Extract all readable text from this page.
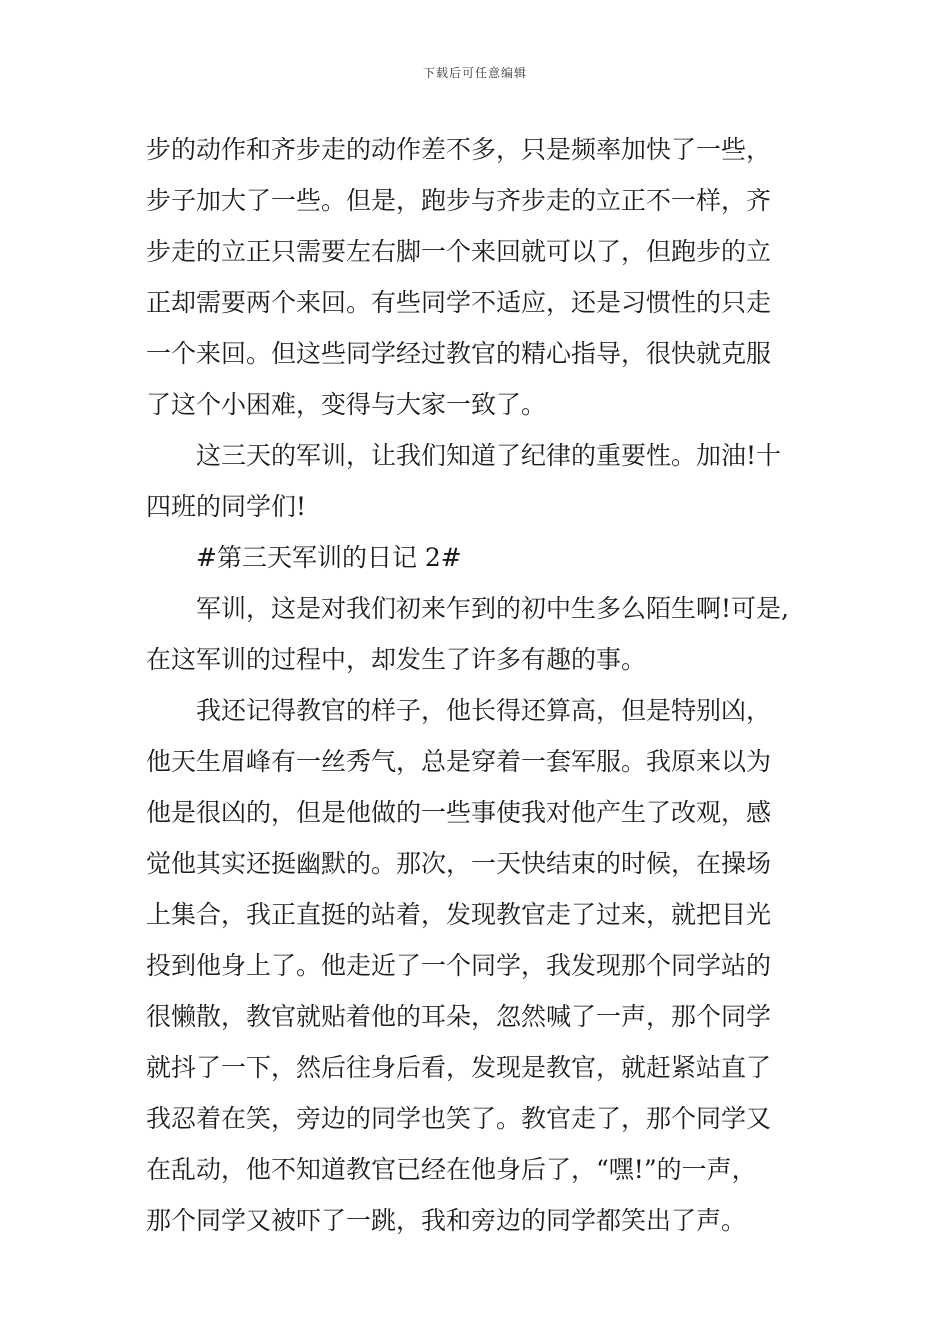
下载后可任意编辑
步的动作和齐步走的动作差不多，只是频率加快了一些，
步子加大了一些。但是，跑步与齐步走的立正不一样，齐
步走的立正只需要左右脚一个来回就可以了，但跑步的立
正却需要两个来回。有些同学不适应，还是习惯性的只走
一个来回。但这些同学经过教官的精心指导，很快就克服
了这个小困难，变得与大家一致了。
这三天的军训，让我们知道了纪律的重要性。加油!十
四班的同学们!
#第三天军训的日记 2#
军训，这是对我们初来乍到的初中生多么陌生啊!可是,
在这军训的过程中，却发生了许多有趣的事。
我还记得教官的样子，他长得还算高，但是特别凶，
他天生眉峰有一丝秀气，总是穿着一套军服。我原来以为
他是很凶的，但是他做的一些事使我对他产生了改观，感
觉他其实还挺幽默的。那次，一天快结束的时候，在操场
上集合，我正直挺的站着，发现教官走了过来，就把目光
投到他身上了。他走近了一个同学，我发现那个同学站的
很懒散，教官就贴着他的耳朵，忽然喊了一声，那个同学
就抖了一下，然后往身后看，发现是教官，就赶紧站直了
我忍着在笑，旁边的同学也笑了。教官走了，那个同学又
在乱动，他不知道教官已经在他身后了，“嘿!”的一声，
那个同学又被吓了一跳，我和旁边的同学都笑出了声。
